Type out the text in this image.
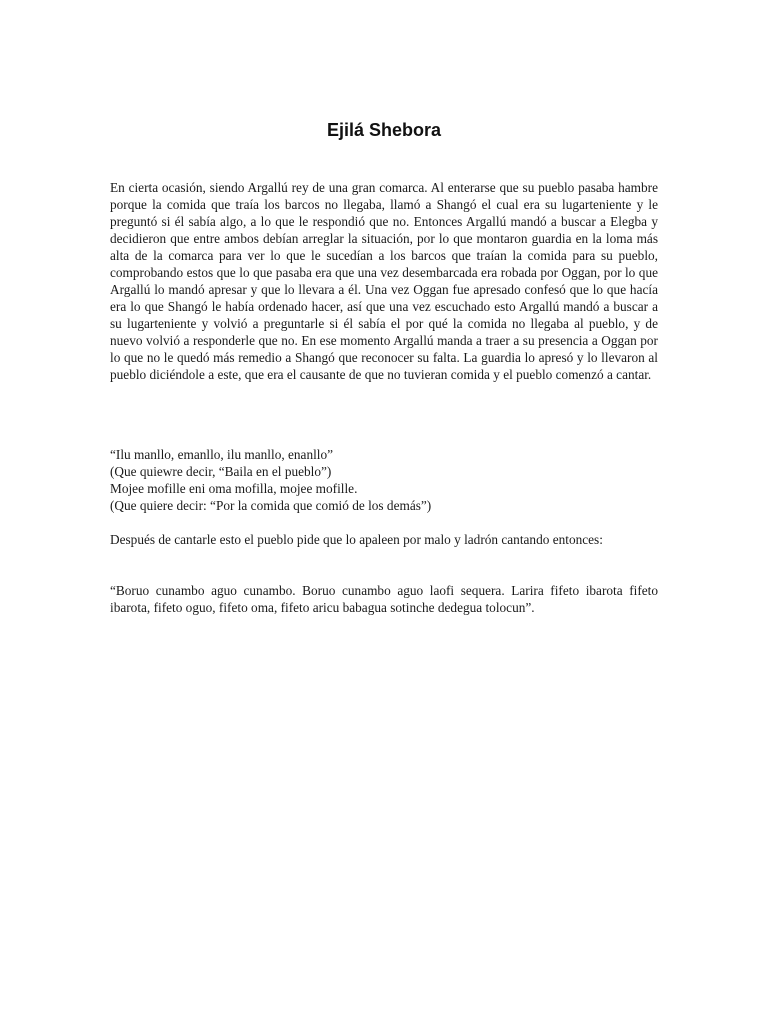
Ejilá Shebora

En cierta ocasión, siendo Argallú rey de una gran comarca. Al enterarse que su pueblo pasaba hambre porque la comida que traía los barcos no llegaba, llamó a Shangó el cual era su lugarteniente y le preguntó si él sabía algo, a lo que le respondió que no. Entonces Argallú mandó a buscar a Elegba y decidieron que entre ambos debían arreglar la situación, por lo que montaron guardia en la loma más alta de la comarca para ver lo que le sucedían a los barcos que traían la comida para su pueblo, comprobando estos que lo que pasaba era que una vez desembarcada era robada por Oggan, por lo que Argallú lo mandó apresar y que lo llevara a él. Una vez Oggan fue apresado confesó que lo que hacía era lo que Shangó le había ordenado hacer, así que una vez escuchado esto Argallú mandó a buscar a su lugarteniente y volvió a preguntarle si él sabía el por qué la comida no llegaba al pueblo, y de nuevo volvió a responderle que no. En ese momento Argallú manda a traer a su presencia a Oggan por lo que no le quedó más remedio a Shangó que reconocer su falta. La guardia lo apresó y lo llevaron al pueblo diciéndole a este, que era el causante de que no tuvieran comida y el pueblo comenzó a cantar.

“Ilu manllo, emanllo, ilu manllo, enanllo”
(Que quiewre decir, “Baila en el pueblo”)
Mojee mofille eni oma mofilla, mojee mofille.
(Que quiere decir: “Por la comida que comió de los demás”)

Después de cantarle esto el pueblo pide que lo apaleen por malo y ladrón cantando entonces:

“Boruo cunambo aguo cunambo. Boruo cunambo aguo laofi sequera. Larira fifeto ibarota fifeto ibarota, fifeto oguo, fifeto oma, fifeto aricu babagua sotinche dedegua tolocun”.
